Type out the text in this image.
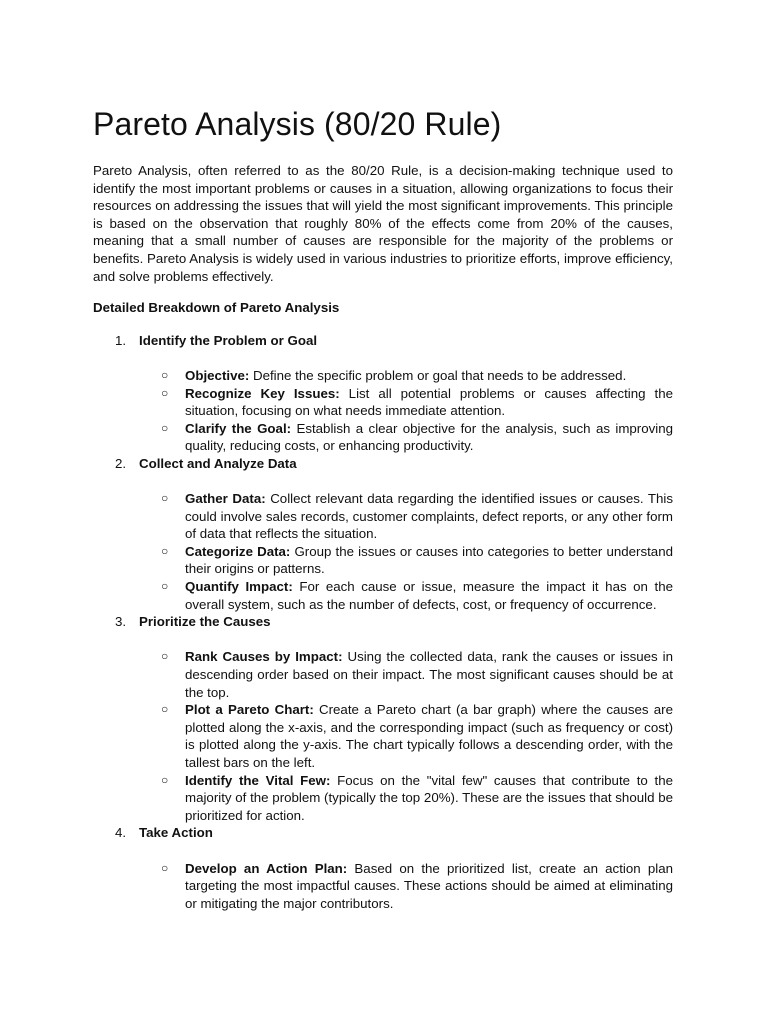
Pareto Analysis (80/20 Rule)

Pareto Analysis, often referred to as the 80/20 Rule, is a decision-making technique used to identify the most important problems or causes in a situation, allowing organizations to focus their resources on addressing the issues that will yield the most significant improvements. This principle is based on the observation that roughly 80% of the effects come from 20% of the causes, meaning that a small number of causes are responsible for the majority of the problems or benefits. Pareto Analysis is widely used in various industries to prioritize efforts, improve efficiency, and solve problems effectively.

Detailed Breakdown of Pareto Analysis
1. Identify the Problem or Goal
○ Objective: Define the specific problem or goal that needs to be addressed.
○ Recognize Key Issues: List all potential problems or causes affecting the situation, focusing on what needs immediate attention.
○ Clarify the Goal: Establish a clear objective for the analysis, such as improving quality, reducing costs, or enhancing productivity.
2. Collect and Analyze Data
○ Gather Data: Collect relevant data regarding the identified issues or causes. This could involve sales records, customer complaints, defect reports, or any other form of data that reflects the situation.
○ Categorize Data: Group the issues or causes into categories to better understand their origins or patterns.
○ Quantify Impact: For each cause or issue, measure the impact it has on the overall system, such as the number of defects, cost, or frequency of occurrence.
3. Prioritize the Causes
○ Rank Causes by Impact: Using the collected data, rank the causes or issues in descending order based on their impact. The most significant causes should be at the top.
○ Plot a Pareto Chart: Create a Pareto chart (a bar graph) where the causes are plotted along the x-axis, and the corresponding impact (such as frequency or cost) is plotted along the y-axis. The chart typically follows a descending order, with the tallest bars on the left.
○ Identify the Vital Few: Focus on the "vital few" causes that contribute to the majority of the problem (typically the top 20%). These are the issues that should be prioritized for action.
4. Take Action
○ Develop an Action Plan: Based on the prioritized list, create an action plan targeting the most impactful causes. These actions should be aimed at eliminating or mitigating the major contributors.
